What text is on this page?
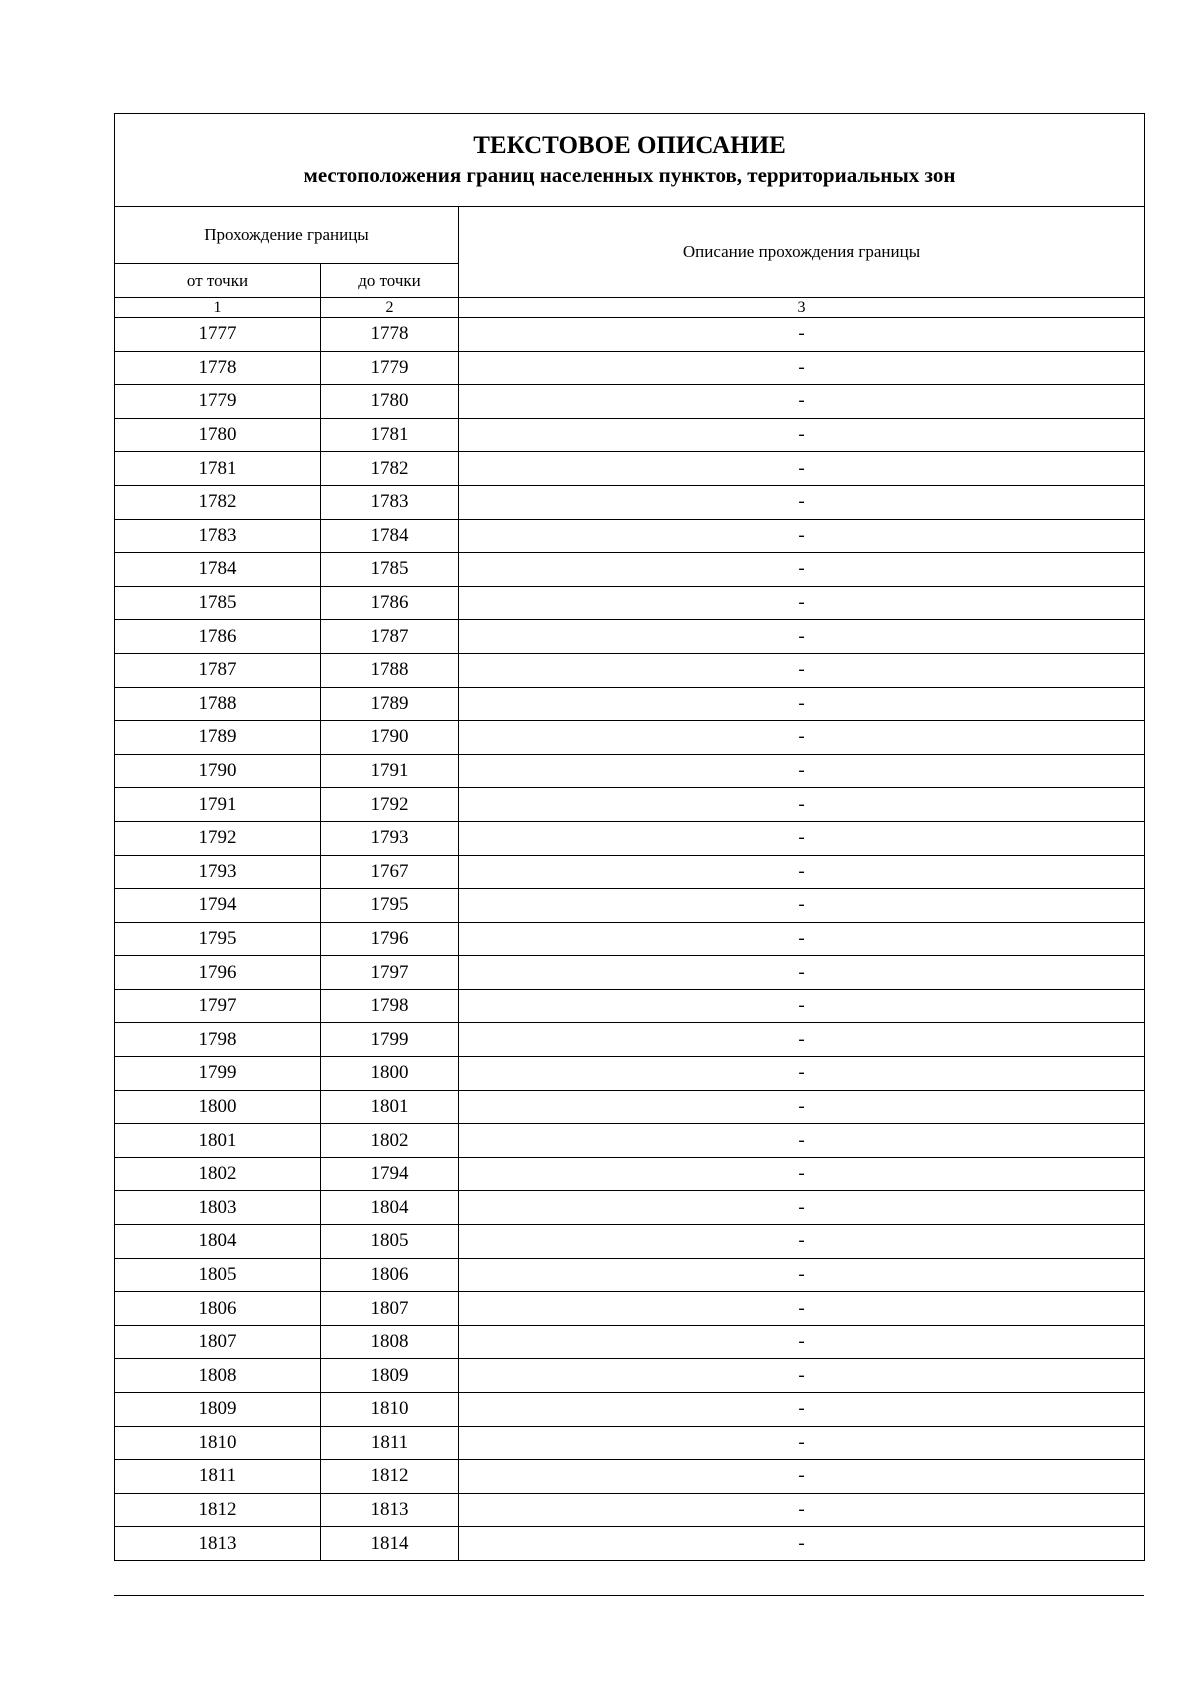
ТЕКСТОВОЕ ОПИСАНИЕ
местоположения границ населенных пунктов, территориальных зон		

Прохождение границы		Описание прохождения границы
от точки	до точки	
1	2	3
1777	1778	-
1778	1779	-
1779	1780	-
1780	1781	-
1781	1782	-
1782	1783	-
1783	1784	-
1784	1785	-
1785	1786	-
1786	1787	-
1787	1788	-
1788	1789	-
1789	1790	-
1790	1791	-
1791	1792	-
1792	1793	-
1793	1767	-
1794	1795	-
1795	1796	-
1796	1797	-
1797	1798	-
1798	1799	-
1799	1800	-
1800	1801	-
1801	1802	-
1802	1794	-
1803	1804	-
1804	1805	-
1805	1806	-
1806	1807	-
1807	1808	-
1808	1809	-
1809	1810	-
1810	1811	-
1811	1812	-
1812	1813	-
1813	1814	-
